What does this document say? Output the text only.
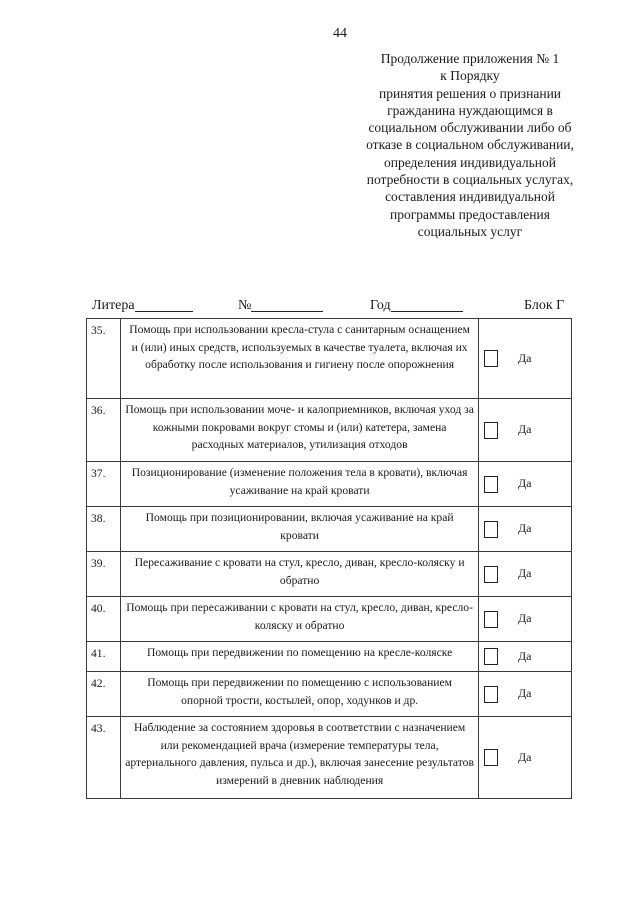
44
Продолжение приложения № 1
к Порядку
принятия решения о признании
гражданина нуждающимся в
социальном обслуживании либо об
отказе в социальном обслуживании,
определения индивидуальной
потребности в социальных услугах,
составления индивидуальной
программы предоставления
социальных услуг
Литера	№	Год	Блок Г
35.	Помощь при использовании кресла-стула с санитарным оснащением и (или) иных средств, используемых в качестве туалета, включая их обработку после использования и гигиену после опорожнения	Да

36.	Помощь при использовании моче- и калоприемников, включая уход за кожными покровами вокруг стомы и (или) катетера, замена расходных материалов, утилизация отходов	Да

37.	Позиционирование (изменение положения тела в кровати), включая усаживание на край кровати	Да

38.	Помощь при позиционировании, включая усаживание на край кровати	Да

39.	Пересаживание с кровати на стул, кресло, диван, кресло-коляску и обратно	Да

40.	Помощь при пересаживании с кровати на стул, кресло, диван, кресло-коляску и обратно	Да

41.	Помощь при передвижении по помещению на кресле-коляске	Да

42.	Помощь при передвижении по помещению с использованием опорной трости, костылей, опор, ходунков и др.	Да

43.	Наблюдение за состоянием здоровья в соответствии с назначением или рекомендацией врача (измерение температуры тела, артериального давления, пульса и др.), включая занесение результатов измерений в дневник наблюдения	Да
